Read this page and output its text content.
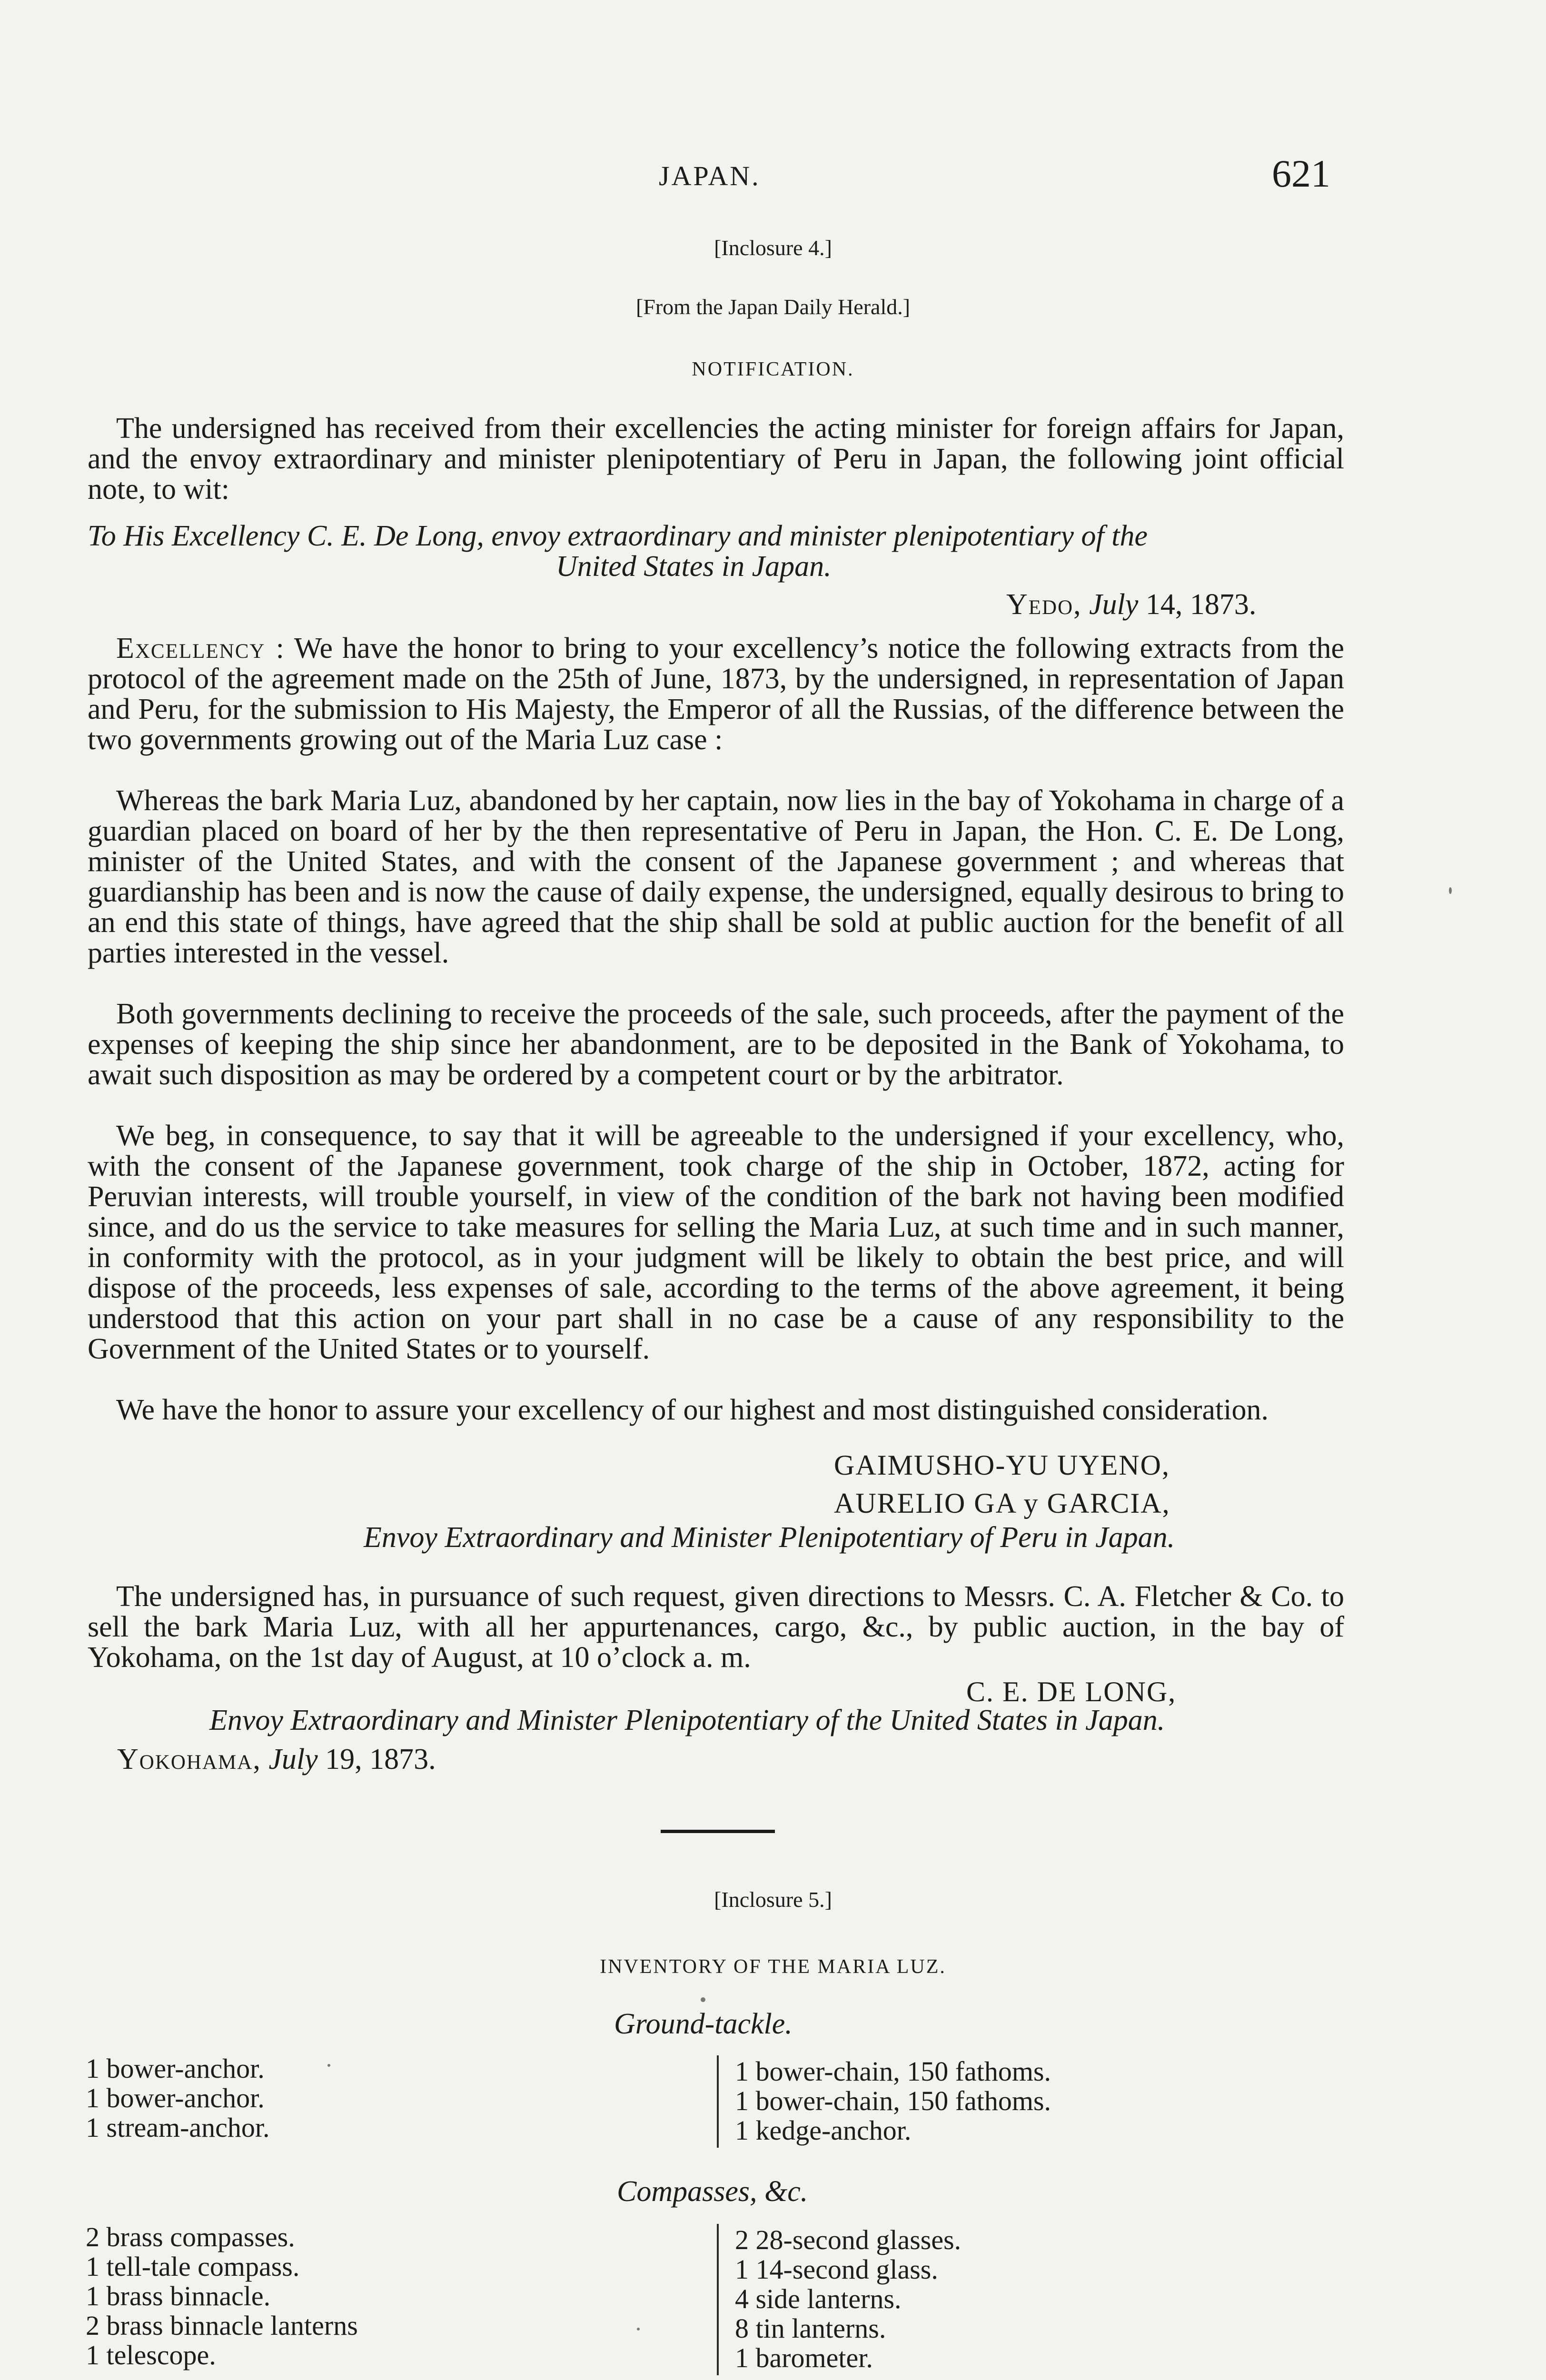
JAPAN.	621
[Inclosure 4.]
[From the Japan Daily Herald.]
NOTIFICATION.

The undersigned has received from their excellencies the acting minister for foreign affairs for Japan, and the envoy extraordinary and minister plenipotentiary of Peru in Japan, the following joint official note, to wit:

To His Excellency C. E. De Long, envoy extraordinary and minister plenipotentiary of the
United States in Japan.
Yedo, July 14, 1873.

Excellency : We have the honor to bring to your excellency’s notice the following extracts from the protocol of the agreement made on the 25th of June, 1873, by the undersigned, in representation of Japan and Peru, for the submission to His Majesty, the Emperor of all the Russias, of the difference between the two governments growing out of the Maria Luz case :

Whereas the bark Maria Luz, abandoned by her captain, now lies in the bay of Yokohama in charge of a guardian placed on board of her by the then representative of Peru in Japan, the Hon. C. E. De Long, minister of the United States, and with the consent of the Japanese government ; and whereas that guardianship has been and is now the cause of daily expense, the undersigned, equally desirous to bring to an end this state of things, have agreed that the ship shall be sold at public auction for the benefit of all parties interested in the vessel.

Both governments declining to receive the proceeds of the sale, such proceeds, after the payment of the expenses of keeping the ship since her abandonment, are to be deposited in the Bank of Yokohama, to await such disposition as may be ordered by a competent court or by the arbitrator.

We beg, in consequence, to say that it will be agreeable to the undersigned if your excellency, who, with the consent of the Japanese government, took charge of the ship in October, 1872, acting for Peruvian interests, will trouble yourself, in view of the condition of the bark not having been modified since, and do us the service to take measures for selling the Maria Luz, at such time and in such manner, in conformity with the protocol, as in your judgment will be likely to obtain the best price, and will dispose of the proceeds, less expenses of sale, according to the terms of the above agreement, it being understood that this action on your part shall in no case be a cause of any responsibility to the Government of the United States or to yourself.

We have the honor to assure your excellency of our highest and most distinguished consideration.

GAIMUSHO-YU UYENO,
AURELIO GA y GARCIA,
Envoy Extraordinary and Minister Plenipotentiary of Peru in Japan.

The undersigned has, in pursuance of such request, given directions to Messrs. C. A. Fletcher & Co. to sell the bark Maria Luz, with all her appurtenances, cargo, &c., by public auction, in the bay of Yokohama, on the 1st day of August, at 10 o’clock a. m.

C. E. DE LONG,
Envoy Extraordinary and Minister Plenipotentiary of the United States in Japan.
Yokohama, July 19, 1873.
[Inclosure 5.]
INVENTORY OF THE MARIA LUZ.
Ground-tackle.
1 bower-anchor.
1 bower-anchor.
1 stream-anchor.
1 bower-chain, 150 fathoms.
1 bower-chain, 150 fathoms.
1 kedge-anchor.
Compasses, &c.
2 brass compasses.
1 tell-tale compass.
1 brass binnacle.
2 brass binnacle lanterns
1 telescope.
2 28-second glasses.
1 14-second glass.
4 side lanterns.
8 tin lanterns.
1 barometer.
